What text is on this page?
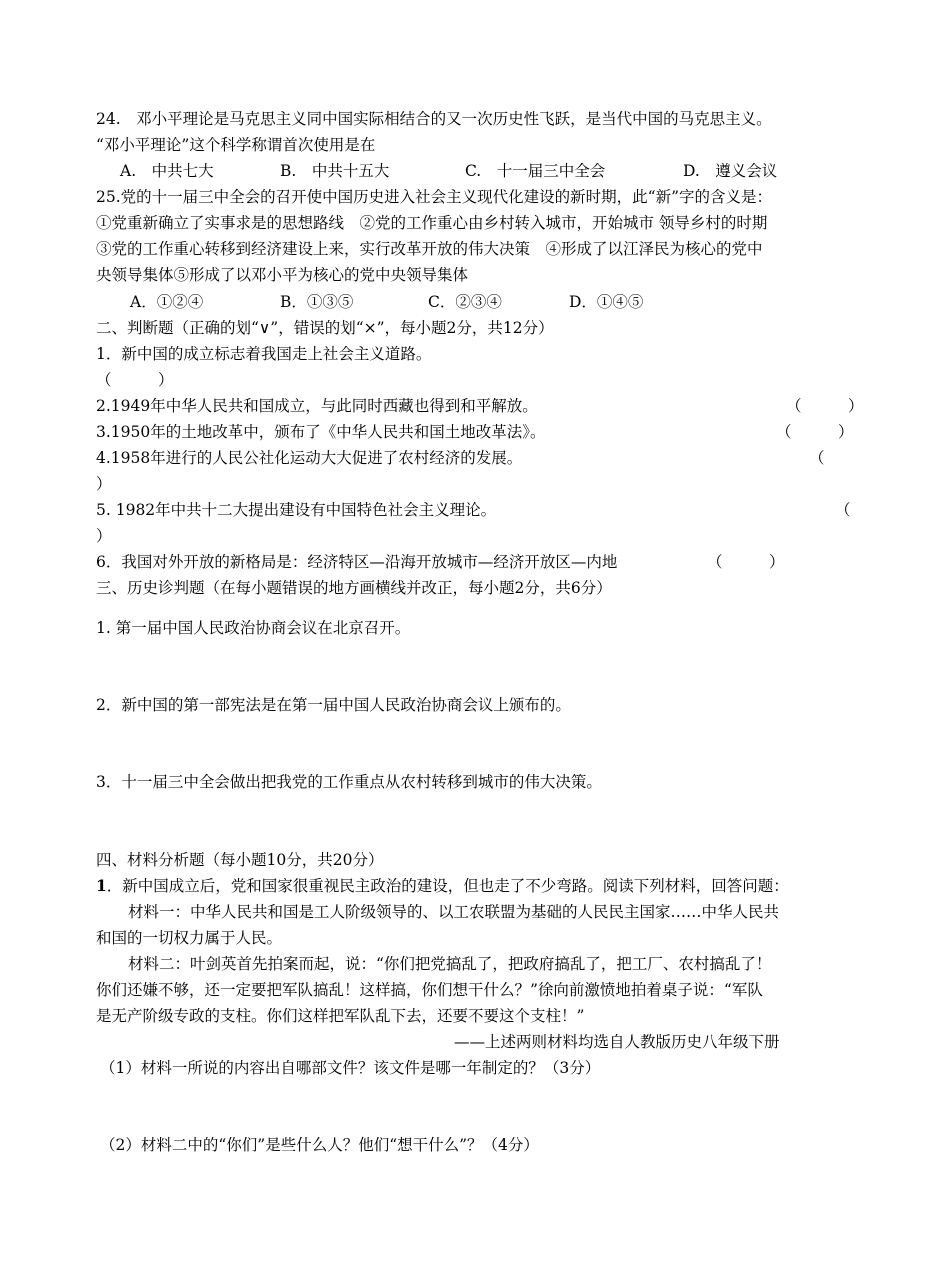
24.　邓小平理论是马克思主义同中国实际相结合的又一次历史性飞跃，是当代中国的马克思主义。
“邓小平理论”这个科学称谓首次使用是在
A.　中共七大	B.　中共十五大	C.　十一届三中全会	D.　遵义会议
25.党的十一届三中全会的召开使中国历史进入社会主义现代化建设的新时期，此“新”字的含义是：
①党重新确立了实事求是的思想路线　②党的工作重心由乡村转入城市，开始城市 领导乡村的时期
③党的工作重心转移到经济建设上来，实行改革开放的伟大决策　④形成了以江泽民为核心的党中
央领导集体⑤形成了以邓小平为核心的党中央领导集体
A．①②④	B．①③⑤	C．②③④	D．①④⑤
二、判断题（正确的划“∨”，错误的划“×”，每小题2分，共12分）
1．新中国的成立标志着我国走上社会主义道路。
（　　　）
2.1949年中华人民共和国成立，与此同时西藏也得到和平解放。	（　　　）
3.1950年的土地改革中，颁布了《中华人民共和国土地改革法》。	（　　　）
4.1958年进行的人民公社化运动大大促进了农村经济的发展。	（
）
5. 1982年中共十二大提出建设有中国特色社会主义理论。	（
）
6．我国对外开放的新格局是：经济特区—沿海开放城市—经济开放区—内地	（　　　）
三、历史诊判题（在每小题错误的地方画横线并改正，每小题2分，共6分）
1. 第一届中国人民政治协商会议在北京召开。
2．新中国的第一部宪法是在第一届中国人民政治协商会议上颁布的。
3．十一届三中全会做出把我党的工作重点从农村转移到城市的伟大决策。
四、材料分析题（每小题10分，共20分）
1．新中国成立后，党和国家很重视民主政治的建设，但也走了不少弯路。阅读下列材料，回答问题：
材料一：中华人民共和国是工人阶级领导的、以工农联盟为基础的人民民主国家……中华人民共
和国的一切权力属于人民。
材料二：叶剑英首先拍案而起，说：“你们把党搞乱了，把政府搞乱了，把工厂、农村搞乱了！
你们还嫌不够，还一定要把军队搞乱！这样搞，你们想干什么？”徐向前激愤地拍着桌子说：“军队
是无产阶级专政的支柱。你们这样把军队乱下去，还要不要这个支柱！”
——上述两则材料均选自人教版历史八年级下册
（1）材料一所说的内容出自哪部文件？该文件是哪一年制定的？（3分）
（2）材料二中的“你们”是些什么人？他们“想干什么”？（4分）
